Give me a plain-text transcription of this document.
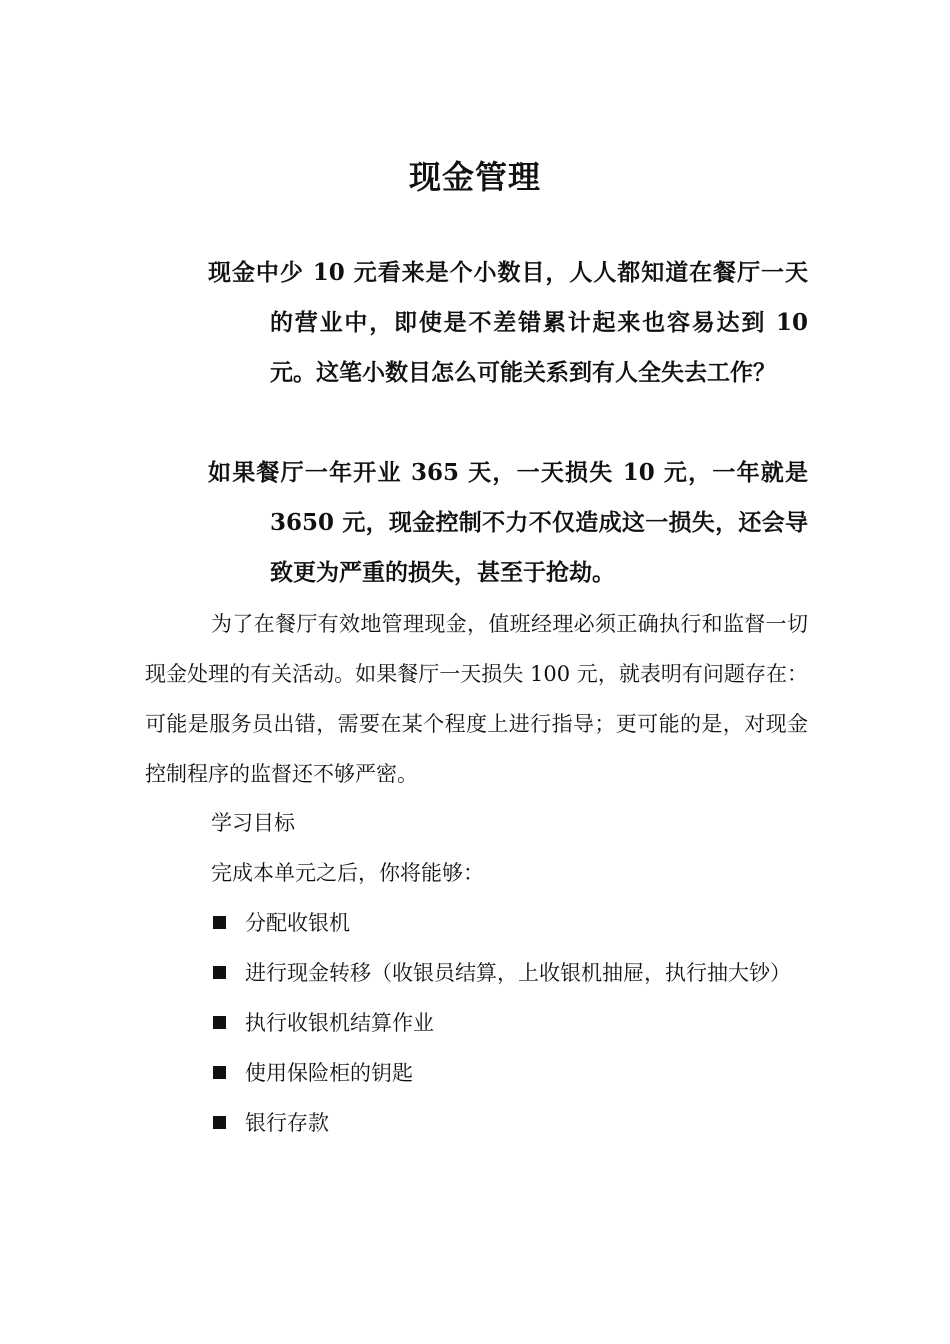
现金管理
现金中少 10 元看来是个小数目，人人都知道在餐厅一天的营业中，即使是不差错累计起来也容易达到 10 元。这笔小数目怎么可能关系到有人全失去工作？
如果餐厅一年开业 365 天，一天损失 10 元，一年就是 3650 元，现金控制不力不仅造成这一损失，还会导致更为严重的损失，甚至于抢劫。
为了在餐厅有效地管理现金，值班经理必须正确执行和监督一切现金处理的有关活动。如果餐厅一天损失 100 元，就表明有问题存在：可能是服务员出错，需要在某个程度上进行指导；更可能的是，对现金控制程序的监督还不够严密。
学习目标
完成本单元之后，你将能够：
分配收银机
进行现金转移（收银员结算，上收银机抽屉，执行抽大钞）
执行收银机结算作业
使用保险柜的钥匙
银行存款
